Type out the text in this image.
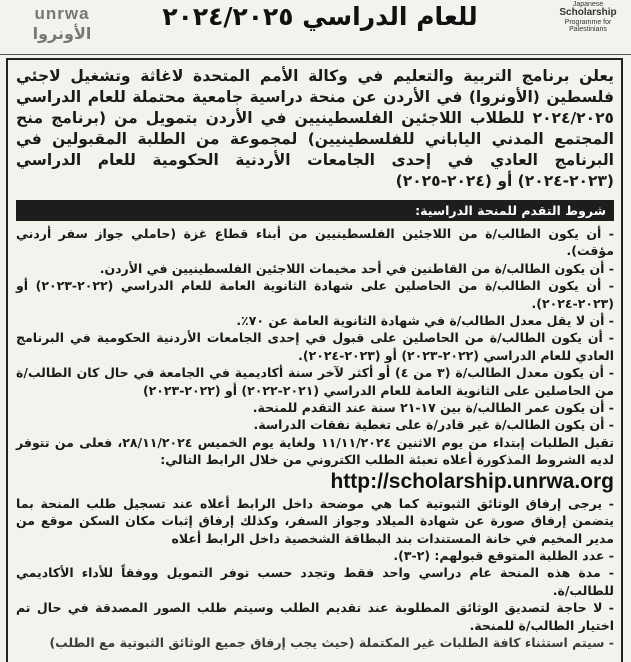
unrwa
الأونروا
للعام الدراسي ٢٠٢٤/٢٠٢٥	Japanese
Scholarship
Programme for
Palestinians

يعلن برنامج التربية والتعليم في وكالة الأمم المتحدة لاغاثة وتشغيل لاجئي فلسطين (الأونروا) في الأردن عن منحة دراسية جامعية محتملة للعام الدراسي ٢٠٢٤/٢٠٢٥ للطلاب اللاجئين الفلسطينيين في الأردن بتمويل من (برنامج منح المجتمع المدني الياباني للفلسطينيين) لمجموعة من الطلبة المقبولين في البرنامج العادي في إحدى الجامعات الأردنية الحكومية للعام الدراسي (٢٠٢٣-٢٠٢٤) أو (٢٠٢٤-٢٠٢٥)

شروط التقدم للمنحة الدراسية:

- أن يكون الطالب/ة من اللاجئين الفلسطينيين من أبناء قطاع غزة (حاملي جواز سفر أردني مؤقت).

- أن يكون الطالب/ة من القاطنين في أحد مخيمات اللاجئين الفلسطينيين في الأردن.

- أن يكون الطالب/ة من الحاصلين على شهادة الثانوية العامة للعام الدراسي (٢٠٢٢-٢٠٢٣) أو (٢٠٢٣-٢٠٢٤).

- أن لا يقل معدل الطالب/ة في شهادة الثانوية العامة عن ٧٠٪.

- أن يكون الطالب/ة من الحاصلين على قبول في إحدى الجامعات الأردنية الحكومية في البرنامج العادي للعام الدراسي (٢٠٢٢-٢٠٢٣) أو (٢٠٢٣-٢٠٢٤).

- أن يكون معدل الطالب/ة (٣ من ٤) أو أكثر لآخر سنة أكاديمية في الجامعة في حال كان الطالب/ة من الحاصلين على الثانوية العامة للعام الدراسي (٢٠٢١-٢٠٢٢) أو (٢٠٢٢-٢٠٢٣)

- أن يكون عمر الطالب/ة بين ١٧-٢١ سنة عند التقدم للمنحة.

- أن يكون الطالب/ة غير قادر/ة على تغطية نفقات الدراسة.

تقبل الطلبات إبتداء من يوم الاثنين ١١/١١/٢٠٢٤ ولغاية يوم الخميس ٢٨/١١/٢٠٢٤، فعلى من تتوفر لديه الشروط المذكورة أعلاه تعبئة الطلب الكتروني من خلال الرابط التالي:

http://scholarship.unrwa.org

- يرجى إرفاق الوثائق الثبوتية كما هي موضحة داخل الرابط أعلاه عند تسجيل طلب المنحة بما يتضمن إرفاق صورة عن شهادة الميلاد وجواز السفر، وكذلك إرفاق إثبات مكان السكن موقع من مدير المخيم في خانة المستندات بند البطاقة الشخصية داخل الرابط أعلاه

- عدد الطلبة المتوقع قبولهم: (٢-٣).

- مدة هذه المنحة عام دراسي واحد فقط وتجدد حسب توفر التمويل ووفقاً للأداء الأكاديمي للطالب/ة.

- لا حاجة لتصديق الوثائق المطلوبة عند تقديم الطلب وسيتم طلب الصور المصدقة في حال تم اختيار الطالب/ة للمنحة.

- سيتم استثناء كافة الطلبات غير المكتملة (حيث يجب إرفاق جميع الوثائق الثبوتية مع الطلب)
